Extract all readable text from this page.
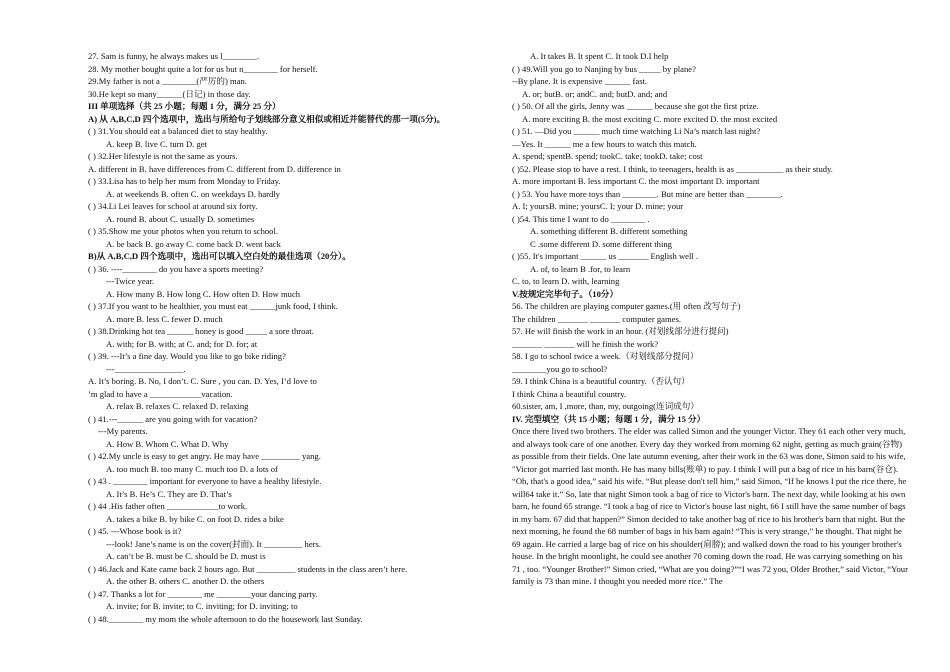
27. Sam is funny, he always makes us l________.
28. My mother bought quite a lot for us but n________ for herself.
29.My father is not a ________(严厉的) man.
30.He kept so many______(日记) in those day.
III 单项选择（共 25 小题；每题 1 分，满分 25 分）
A) 从 A,B,C,D 四个选项中，选出与所给句子划线部分意义相似或相近并能替代的那一项(5分)。
( ) 31.You should eat a balanced diet to stay healthy.
A. keep B. live C. turn D. get
( ) 32.Her lifestyle is not the same as yours.
A. different in B. have differences from C. different from D. difference in
( ) 33.Lisa has to help her mum from Monday to Friday.
A. at weekends B. often C. on weekdays D. hardly
( ) 34.Li Lei leaves for school at around six forty.
A. round B. about C. usually D. sometimes
( ) 35.Show me your photos when you return to school.
A. be back B. go away C. come back D. went back
B)从 A,B,C,D 四个选项中，选出可以填入空白处的最佳选项（20分）。
( ) 36. ----________ do you have a sports meeting?
---Twice year.
A. How many B. How long C. How often D. How much
( ) 37.If you want to be healthier, you must eat ______junk food, I think.
A. more B. less C. fewer D. much
( ) 38.Drinking hot tea ______ honey is good _____ a sore throat.
A. with; for B. with; at C. and; for D. for; at
( ) 39. ---It’s a fine day. Would you like to go bike riding?
---________________.
A. It’s boring. B. No, I don’t. C. Sure , you can. D. Yes, I’d love to
’m glad to have a ____________vacation.
A. relax B. relaxes C. relaxed D. relaxing
( ) 41.---______ are you going with for vacation?
---My parents.
A. How B. Whom C. What D. Why
( ) 42.My uncle is easy to get angry. He may have _________ yang.
A. too much B. too many C. much too D. a lots of
( ) 43 . ________ important for everyone to have a healthy lifestyle.
A. It’s B. He’s C. They are D. That’s
( ) 44 .His father often ____________to work.
A. takes a bike B. by bike C. on foot D. rides a bike
( ) 45. ---Whose book is it?
---look! Jane’s name is on the cover(封面). It _________ hers.
A. can’t be B. must be C. should be D. must is
( ) 46.Jack and Kate came back 2 hours ago. But _________ students in the class aren’t here.
A. the other B. others C. another D. the others
( ) 47. Thanks a lot for ________ me ________your dancing party.
A. invite; for B. invite; to C. inviting; for D. inviting; to
( ) 48.________ my mom the whole afternoon to do the housework last Sunday.
A. It takes B. It spent C. It took D.I help
( ) 49.Will you go to Nanjing by bus _____ by plane?
--By plane. It is expensive ______ fast.
A. or; butB. or; andC. and; butD. and; and
( ) 50. Of all the girls, Jenny was ______ because she got the first prize.
A. more exciting B. the most exciting C. more excited D. the most excited
( ) 51. —Did you ______ much time watching Li Na’s match last night?
—Yes. It ______ me a few hours to watch this match.
A. spend; spentB. spend; tookC. take; tookD. take; cost
( )52. Please stop to have a rest. I think, to teenagers, health is as ___________ as their study.
A. more important B. less important C. the most important D. important
( ) 53. You have more toys than ________. But mine are better than ________.
A. I; yoursB. mine; yoursC. I; your D. mine; your
( )54. This time I want to do ________ .
A. something different B. different something
C .some different D. some different thing
( )55. It's important ______ us _______ English well .
A. of, to learn B .for, to learn
C. to, to learn D. with, learning
V.按规定完毕句子。（10分）
56. The children are playing computer games.(用 often 改写句子)
The children _______ _______ computer games.
57. He will finish the work in an hour. (对划线部分进行提问)
_______ _______ will he finish the work?
58. I go to school twice a week.（对划线部分提问）
________you go to school?
59. I think China is a beautiful country.（否认句）
I think China a beautiful country.
60.sister, am, I ,more, than, my, outgoing(连词成句）
IV. 完型填空（共 15 小题；每题 1 分，满分 15 分）
Once there lived two brothers. The elder was called Simon and the younger Victor. They 61 each other very much, and always took care of one another. Every day they worked from morning 62 night, getting as much grain(谷物) as possible from their fields. One late autumn evening, after their work in the 63 was done, Simon said to his wife, "Victor got married last month. He has many bills(账单) to pay. I think I will put a bag of rice in his barn(谷仓). “Oh, that's a good idea,” said his wife. “But please don't tell him,” said Simon, “If he knows I put the rice there, he will64 take it.” So, late that night Simon took a bag of rice to Victor's barn. The next day, while looking at his own barn, he found 65 strange. “I took a bag of rice to Victor's house last night, 66 I still have the same number of bags in my barn. 67 did that happen?” Simon decided to take another bag of rice to his brother's barn that night. But the next morning, he found the 68 number of bags in his barn again! “This is very strange,” he thought. That night he 69 again. He carried a large bag of rice on his shoulder(肩膀); and walked down the road to his younger brother's house. In the bright moonlight, he could see another 70 coming down the road. He was carrying something on his 71 , too. “Younger Brother!” Simon cried, “What are you doing?”“I was 72 you, Older Brother,” said Victor, “Your family is 73 than mine. I thought you needed more rice.” The
